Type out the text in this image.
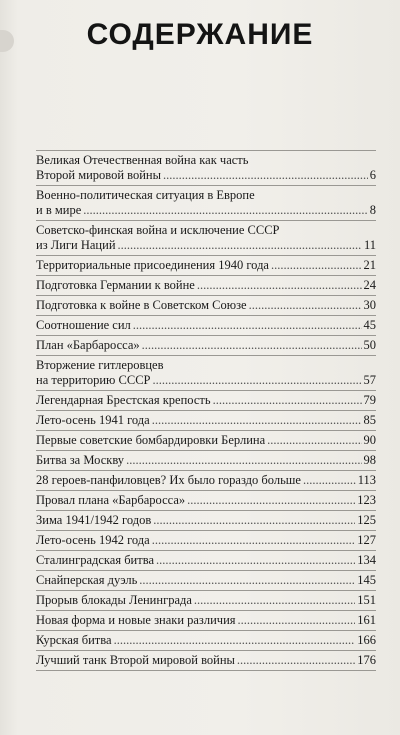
СОДЕРЖАНИЕ
Великая Отечественная война как часть
Второй мировой войны .....	6
Военно-политическая ситуация в Европе
и в мире .....	8
Советско-финская война и исключение СССР
из Лиги Наций .....	11
Территориальные присоединения 1940 года .....	21
Подготовка Германии к войне .....	24
Подготовка к войне в Советском Союзе .....	30
Соотношение сил .....	45
План «Барбаросса» .....	50
Вторжение гитлеровцев
на территорию СССР .....	57
Легендарная Брестская крепость .....	79
Лето-осень 1941 года .....	85
Первые советские бомбардировки Берлина .....	90
Битва за Москву .....	98
28 героев-панфиловцев? Их было гораздо больше .....	113
Провал плана «Барбаросса» .....	123
Зима 1941/1942 годов .....	125
Лето-осень 1942 года .....	127
Сталинградская битва .....	134
Снайперская дуэль .....	145
Прорыв блокады Ленинграда .....	151
Новая форма и новые знаки различия .....	161
Курская битва .....	166
Лучший танк Второй мировой войны .....	176
